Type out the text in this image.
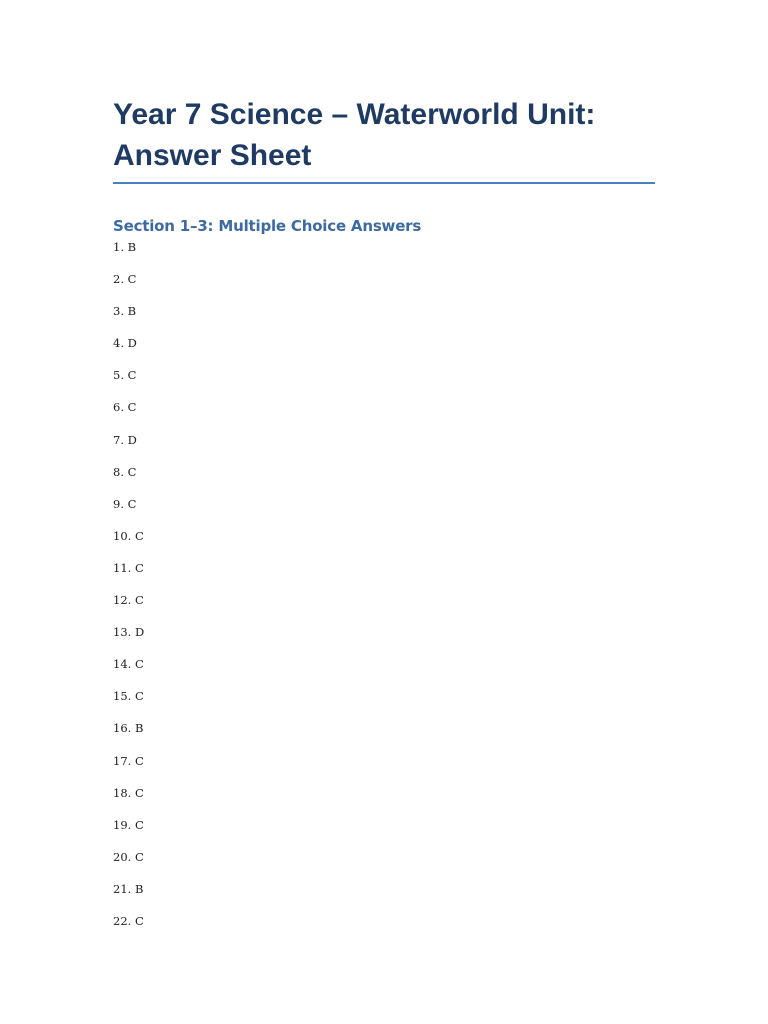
Year 7 Science – Waterworld Unit: Answer Sheet
Section 1–3: Multiple Choice Answers
1. B
2. C
3. B
4. D
5. C
6. C
7. D
8. C
9. C
10. C
11. C
12. C
13. D
14. C
15. C
16. B
17. C
18. C
19. C
20. C
21. B
22. C
